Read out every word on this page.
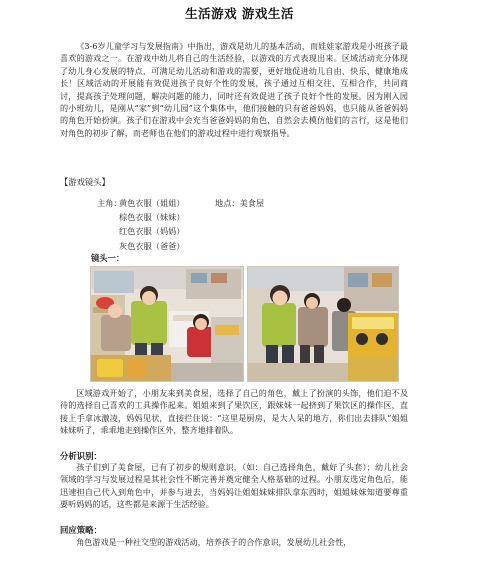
生活游戏 游戏生活

《3-6岁儿童学习与发展指南》中指出，游戏是幼儿的基本活动，而娃娃家游戏是小班孩子最喜欢的游戏之一。在游戏中幼儿将自己的生活经验，以游戏的方式表现出来。区域活动充分体现了幼儿身心发展的特点，可满足幼儿活动和游戏的需要，更好地促进幼儿自由、快乐、健康地成长！区域活动的开展能有效促进孩子良好个性的发展，孩子通过互相交往、互相合作，共同商讨，提高孩子处理问题，解决问题的能力，同时还有效促进了孩子良好个性的发展。因为刚入园的小班幼儿，是刚从“家”到“幼儿园”这个集体中，他们接触的只有爸爸妈妈，也只能从爸爸妈妈的角色开始扮演。孩子们在游戏中会充当爸爸妈妈的角色，自然会去模仿他们的言行，这是他们对角色的初步了解，而老师也在他们的游戏过程中进行观察指导。

【游戏镜头】
主角：黄色衣服（姐姐）	地点：美食屋
棕色衣服（妹妹）
红色衣服（妈妈）
灰色衣服（爸爸）
镜头一：

区域游戏开始了，小朋友来到美食屋，选择了自己的角色，戴上了扮演的头饰，他们迫不及待的选择自己喜欢的工具操作起来。姐姐来到了果饮区，跟妹妹一起挤到了果饮区的操作区，直接上手拿冰激凌，妈妈见状，直接拦住说：“这里是厨房，是大人呆的地方，你们出去排队”姐姐妹妹听了，乖乖地走到操作区外，整齐地排着队。

分析识别：

孩子们到了美食屋，已有了初步的规则意识，（如：自己选择角色，戴好了头套）；幼儿社会领域的学习与发展过程是其社会性不断完善并奠定健全人格基础的过程。小朋友选定角色后，能迅速担自己代入到角色中，并参与进去，当妈妈让姐姐妹妹排队拿东西时，姐姐妹妹知道要尊重要听妈妈的话，这些都是来源于生活经验。

回应策略：

角色游戏是一种社交型的游戏活动，培养孩子的合作意识，发展幼儿社会性，
